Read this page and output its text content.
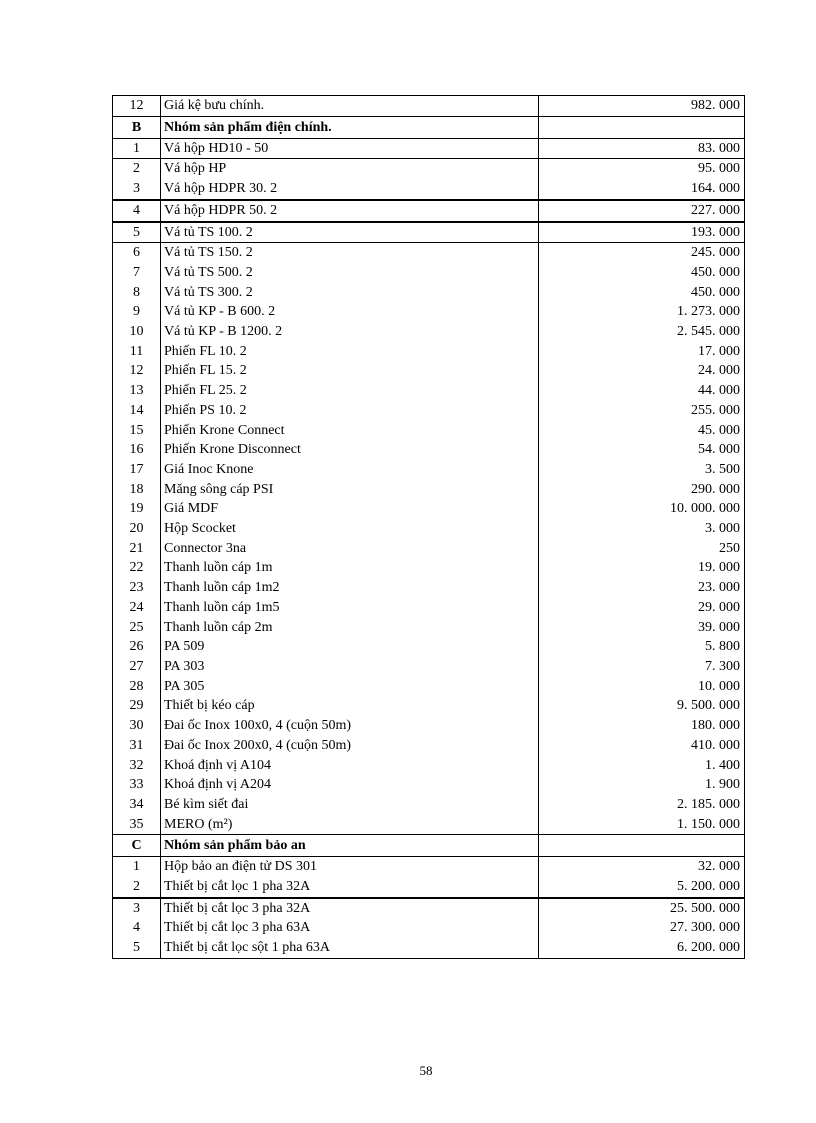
12	Giá kệ bưu chính.	982. 000
B	Nhóm sản phẩm điện chính.	
1	Vá hộp HD10 - 50	83. 000
2	Vá hộp HP	95. 000
3	Vá hộp HDPR 30. 2	164. 000
4	Vá hộp HDPR 50. 2	227. 000
5	Vá tủ TS 100. 2	193. 000
6	Vá tủ TS 150. 2	245. 000
7	Vá tủ TS 500. 2	450. 000
8	Vá tủ TS 300. 2	450. 000
9	Vá tủ KP - B 600. 2	1. 273. 000
10	Vá tủ KP - B 1200. 2	2. 545. 000
11	Phiến FL 10. 2	17. 000
12	Phiến FL 15. 2	24. 000
13	Phiến FL 25. 2	44. 000
14	Phiến PS 10. 2	255. 000
15	Phiến Krone Connect	45. 000
16	Phiến Krone Disconnect	54. 000
17	Giá Inoc Knone	3. 500
18	Măng sông cáp PSI	290. 000
19	Giá MDF	10. 000. 000
20	Hộp Scocket	3. 000
21	Connector 3na	250
22	Thanh luồn cáp 1m	19. 000
23	Thanh luồn cáp 1m2	23. 000
24	Thanh luồn cáp 1m5	29. 000
25	Thanh luồn cáp 2m	39. 000
26	PA 509	5. 800
27	PA 303	7. 300
28	PA 305	10. 000
29	Thiết bị kéo cáp	9. 500. 000
30	Đai ốc Inox 100x0, 4 (cuộn 50m)	180. 000
31	Đai ốc Inox 200x0, 4 (cuộn 50m)	410. 000
32	Khoá định vị A104	1. 400
33	Khoá định vị A204	1. 900
34	Bé kìm siết đai	2. 185. 000
35	MERO (m²)	1. 150. 000
C	Nhóm sản phẩm bảo an	
1	Hộp bảo an điện tử DS 301	32. 000
2	Thiết bị cắt lọc 1 pha 32A	5. 200. 000
3	Thiết bị cắt lọc 3 pha 32A	25. 500. 000
4	Thiết bị cắt lọc 3 pha 63A	27. 300. 000
5	Thiết bị cắt lọc sột 1 pha 63A	6. 200. 000
58
